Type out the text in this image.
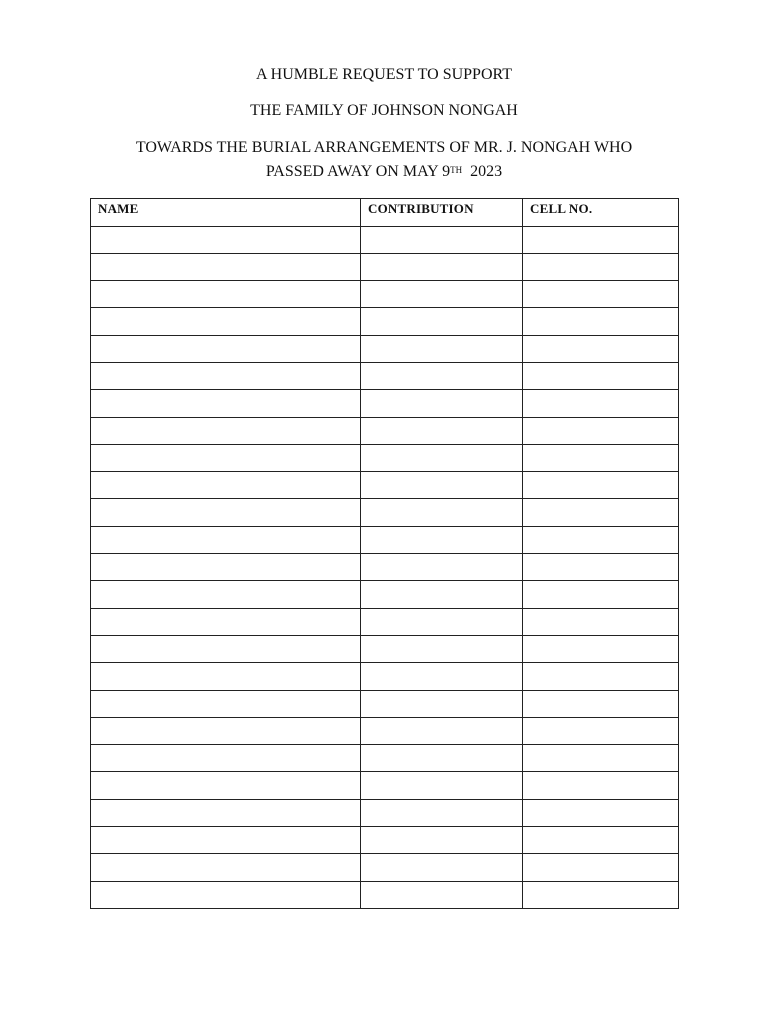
A HUMBLE REQUEST TO SUPPORT
THE FAMILY OF JOHNSON NONGAH
TOWARDS THE BURIAL ARRANGEMENTS OF MR. J. NONGAH WHO
PASSED AWAY ON MAY 9TH  2023
NAME	CONTRIBUTION	CELL NO.
